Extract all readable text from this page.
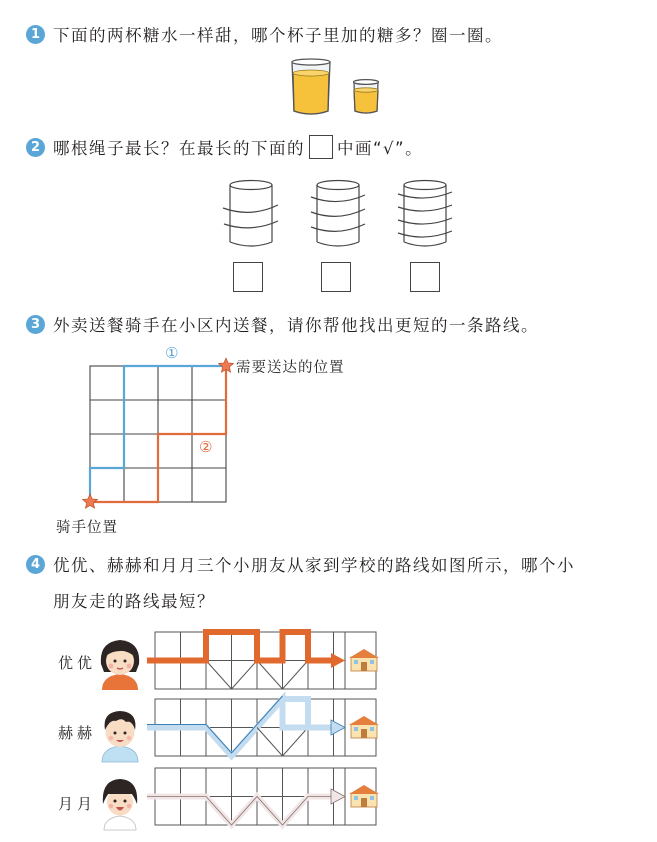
1 下面的两杯糖水一样甜，哪个杯子里加的糖多？圈一圈。
2 哪根绳子最长？在最长的下面的 中画“√”。
3 外卖送餐骑手在小区内送餐，请你帮他找出更短的一条路线。
①
②
需要送达的位置
骑手位置
4 优优、赫赫和月月三个小朋友从家到学校的路线如图所示，哪个小
朋友走的路线最短？
优优
赫赫
月月
